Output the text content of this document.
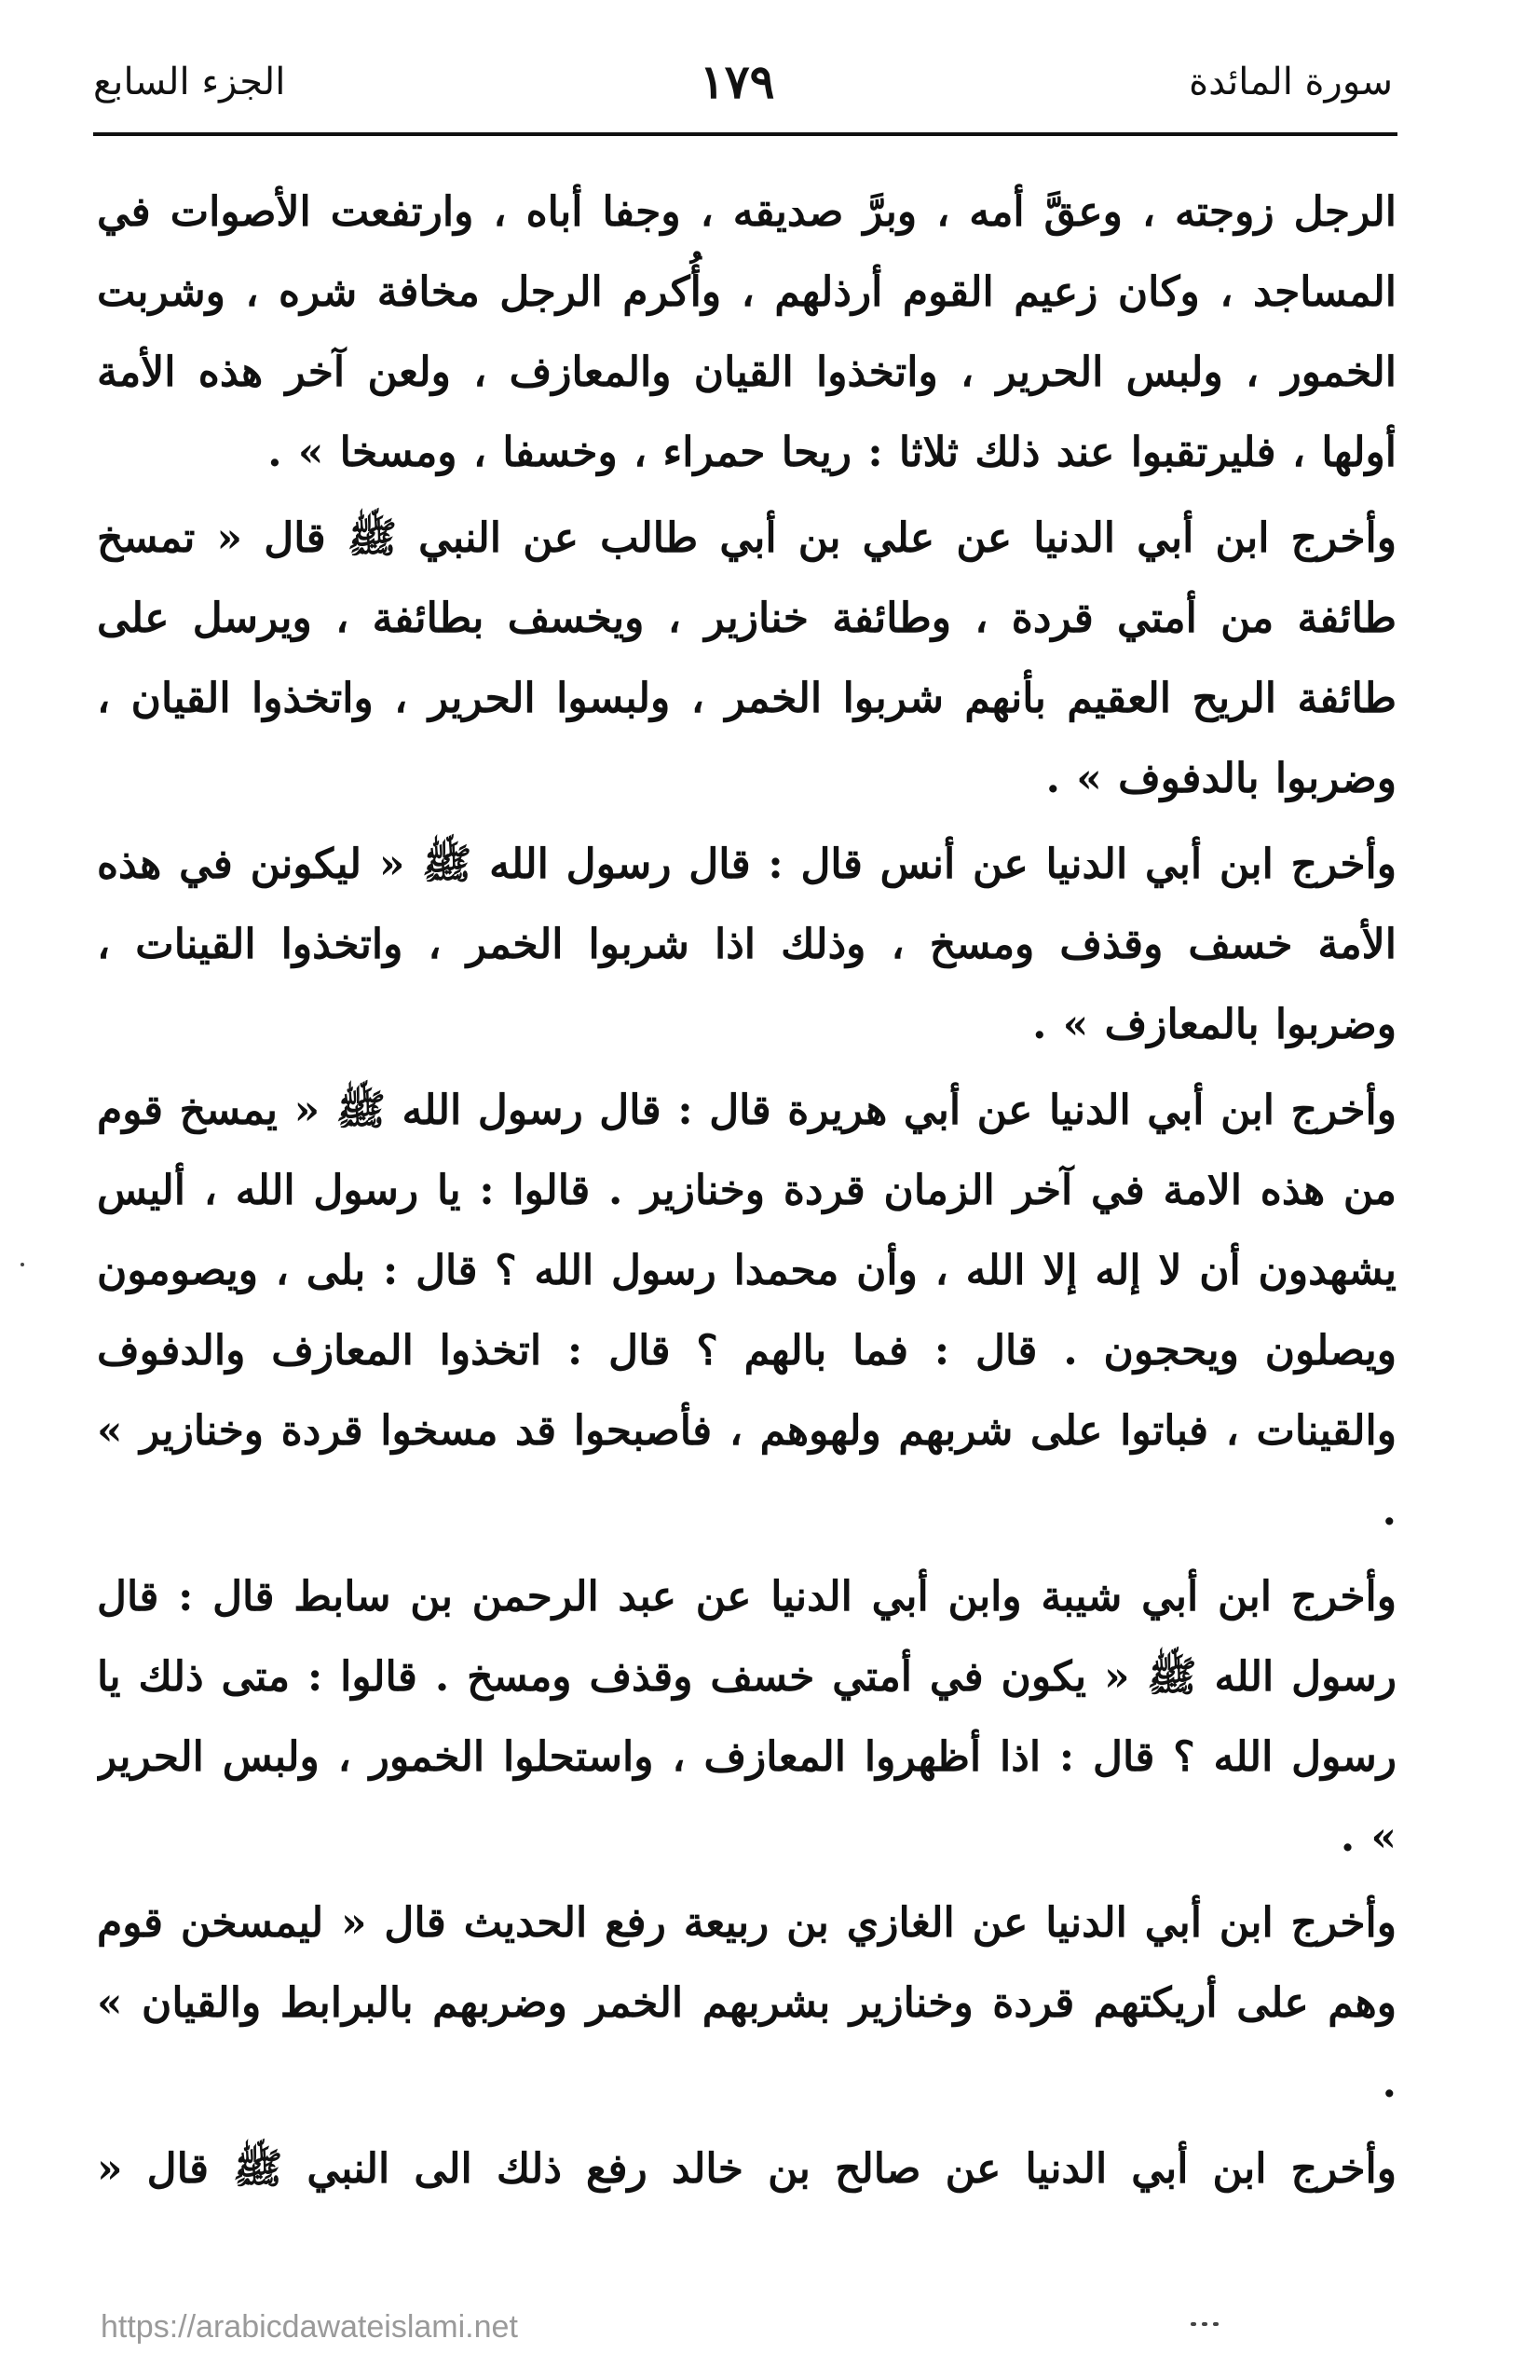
الجزء السابع	١٧٩	سورة المائدة

الرجل زوجته ، وعقَّ أمه ، وبرَّ صديقه ، وجفا أباه ، وارتفعت الأصوات في المساجد ، وكان زعيم القوم أرذلهم ، وأُكرم الرجل مخافة شره ، وشربت الخمور ، ولبس الحرير ، واتخذوا القيان والمعازف ، ولعن آخر هذه الأمة أولها ، فليرتقبوا عند ذلك ثلاثا : ريحا حمراء ، وخسفا ، ومسخا » .

وأخرج ابن أبي الدنيا عن علي بن أبي طالب عن النبي ﷺ قال « تمسخ طائفة من أمتي قردة ، وطائفة خنازير ، ويخسف بطائفة ، ويرسل على طائفة الريح العقيم بأنهم شربوا الخمر ، ولبسوا الحرير ، واتخذوا القيان ، وضربوا بالدفوف » .

وأخرج ابن أبي الدنيا عن أنس قال : قال رسول الله ﷺ « ليكونن في هذه الأمة خسف وقذف ومسخ ، وذلك اذا شربوا الخمر ، واتخذوا القينات ، وضربوا بالمعازف » .

وأخرج ابن أبي الدنيا عن أبي هريرة قال : قال رسول الله ﷺ « يمسخ قوم من هذه الامة في آخر الزمان قردة وخنازير . قالوا : يا رسول الله ، أليس يشهدون أن لا إله إلا الله ، وأن محمدا رسول الله ؟ قال : بلى ، ويصومون ويصلون ويحجون . قال : فما بالهم ؟ قال : اتخذوا المعازف والدفوف والقينات ، فباتوا على شربهم ولهوهم ، فأصبحوا قد مسخوا قردة وخنازير » .

وأخرج ابن أبي شيبة وابن أبي الدنيا عن عبد الرحمن بن سابط قال : قال رسول الله ﷺ « يكون في أمتي خسف وقذف ومسخ . قالوا : متى ذلك يا رسول الله ؟ قال : اذا أظهروا المعازف ، واستحلوا الخمور ، ولبس الحرير » .

وأخرج ابن أبي الدنيا عن الغازي بن ربيعة رفع الحديث قال « ليمسخن قوم وهم على أريكتهم قردة وخنازير بشربهم الخمر وضربهم بالبرابط والقيان » .

وأخرج ابن أبي الدنيا عن صالح بن خالد رفع ذلك الى النبي ﷺ قال «

https://arabicdawateislami.net
